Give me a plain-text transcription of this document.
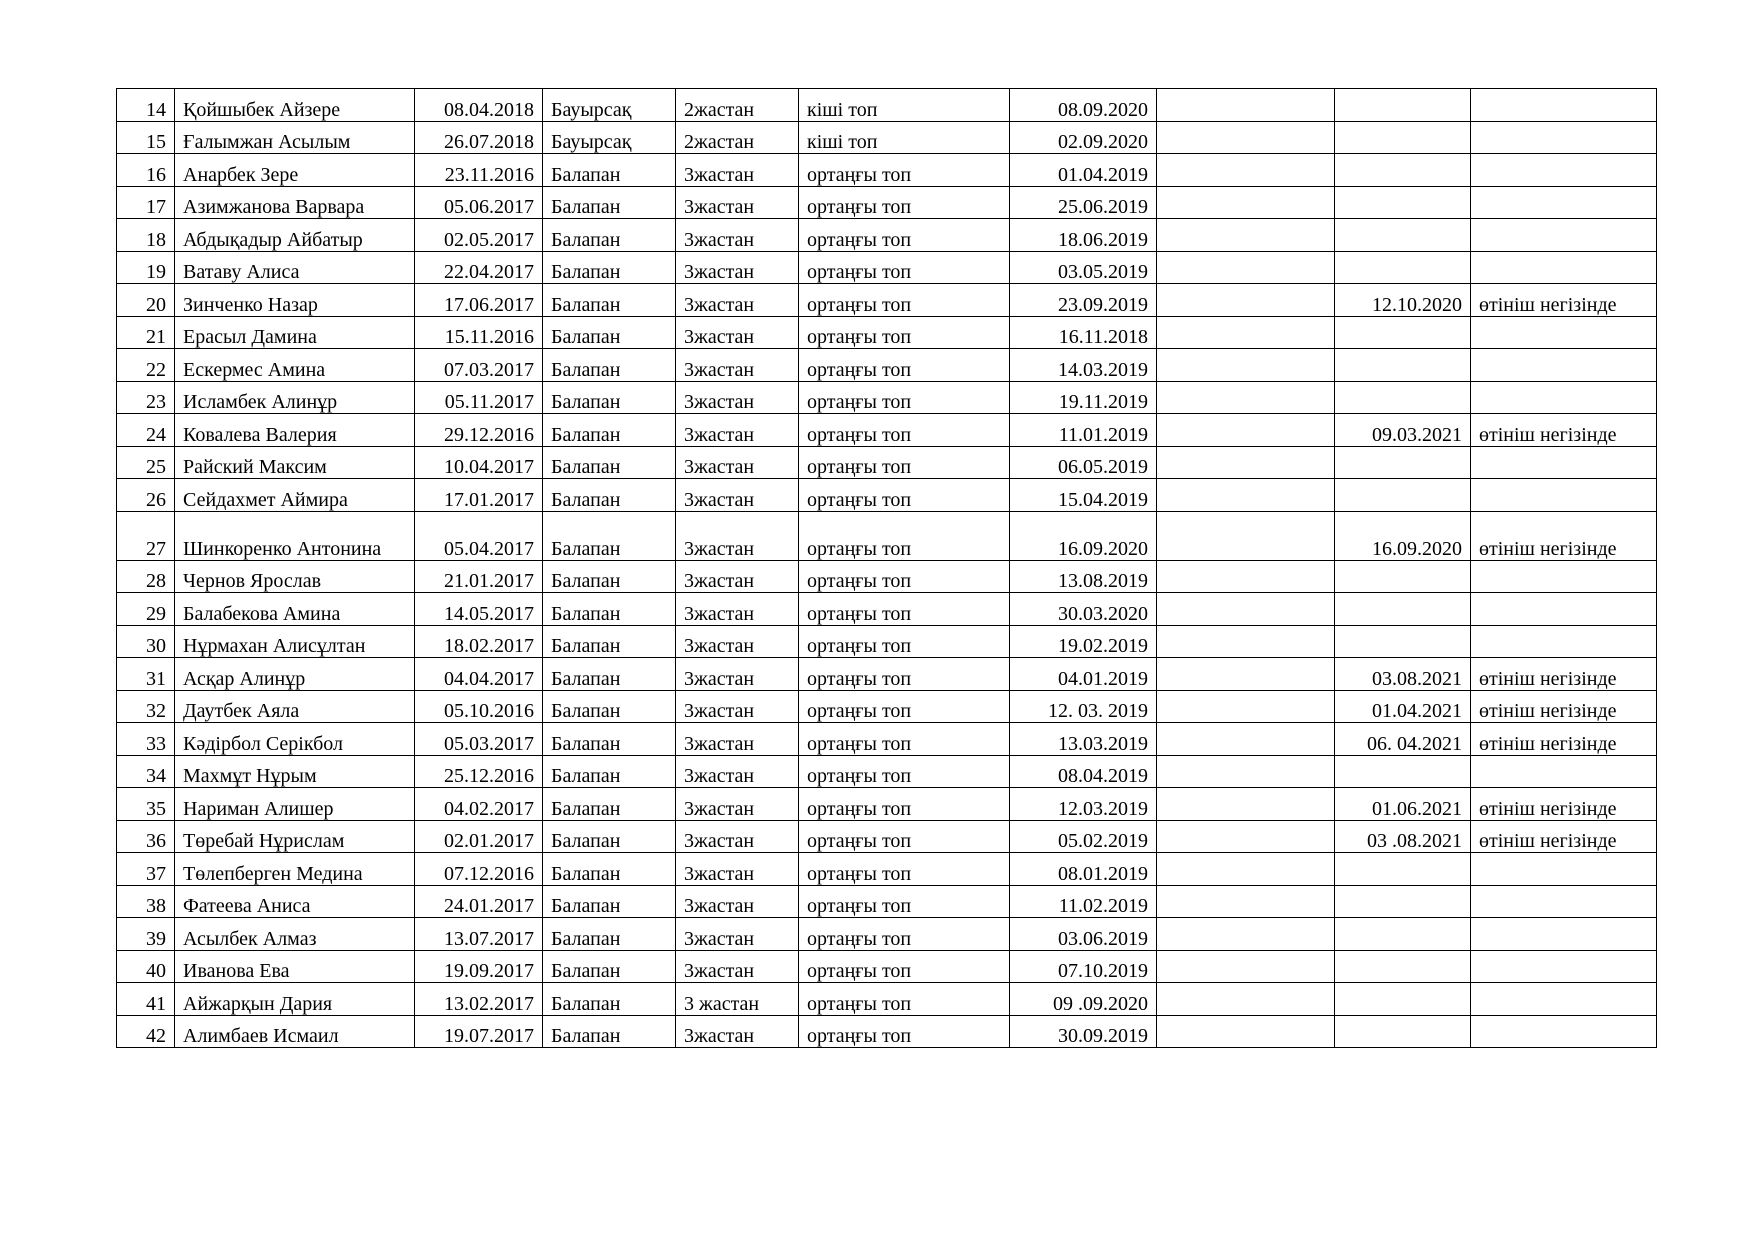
14	Қойшыбек Айзере	08.04.2018	Бауырсақ	2жастан	кіші топ	08.09.2020			
15	Ғалымжан Асылым	26.07.2018	Бауырсақ	2жастан	кіші топ	02.09.2020			
16	Анарбек Зере	23.11.2016	Балапан	3жастан	ортаңғы топ	01.04.2019			
17	Азимжанова Варвара	05.06.2017	Балапан	3жастан	ортаңғы топ	25.06.2019			
18	Абдықадыр Айбатыр	02.05.2017	Балапан	3жастан	ортаңғы топ	18.06.2019			
19	Ватаву Алиса	22.04.2017	Балапан	3жастан	ортаңғы топ	03.05.2019			
20	Зинченко Назар	17.06.2017	Балапан	3жастан	ортаңғы топ	23.09.2019		12.10.2020	өтініш негізінде
21	Ерасыл Дамина	15.11.2016	Балапан	3жастан	ортаңғы топ	16.11.2018			
22	Ескермес Амина	07.03.2017	Балапан	3жастан	ортаңғы топ	14.03.2019			
23	Исламбек Алинұр	05.11.2017	Балапан	3жастан	ортаңғы топ	19.11.2019			
24	Ковалева Валерия	29.12.2016	Балапан	3жастан	ортаңғы топ	11.01.2019		09.03.2021	өтініш негізінде
25	Райский Максим	10.04.2017	Балапан	3жастан	ортаңғы топ	06.05.2019			
26	Сейдахмет Аймира	17.01.2017	Балапан	3жастан	ортаңғы топ	15.04.2019			
27	Шинкоренко Антонина	05.04.2017	Балапан	3жастан	ортаңғы топ	16.09.2020		16.09.2020	өтініш негізінде
28	Чернов Ярослав	21.01.2017	Балапан	3жастан	ортаңғы топ	13.08.2019			
29	Балабекова Амина	14.05.2017	Балапан	3жастан	ортаңғы топ	30.03.2020			
30	Нұрмахан Алисұлтан	18.02.2017	Балапан	3жастан	ортаңғы топ	19.02.2019			
31	Асқар Алинұр	04.04.2017	Балапан	3жастан	ортаңғы топ	04.01.2019		03.08.2021	өтініш негізінде
32	Даутбек Аяла	05.10.2016	Балапан	3жастан	ортаңғы топ	12. 03. 2019		01.04.2021	өтініш негізінде
33	Кәдірбол Серікбол	05.03.2017	Балапан	3жастан	ортаңғы топ	13.03.2019		06. 04.2021	өтініш негізінде
34	Махмұт Нұрым	25.12.2016	Балапан	3жастан	ортаңғы топ	08.04.2019			
35	Нариман Алишер	04.02.2017	Балапан	3жастан	ортаңғы топ	12.03.2019		01.06.2021	өтініш негізінде
36	Төребай Нұрислам	02.01.2017	Балапан	3жастан	ортаңғы топ	05.02.2019		03 .08.2021	өтініш негізінде
37	Төлепберген Медина	07.12.2016	Балапан	3жастан	ортаңғы топ	08.01.2019			
38	Фатеева Аниса	24.01.2017	Балапан	3жастан	ортаңғы топ	11.02.2019			
39	Асылбек Алмаз	13.07.2017	Балапан	3жастан	ортаңғы топ	03.06.2019			
40	Иванова Ева	19.09.2017	Балапан	3жастан	ортаңғы топ	07.10.2019			
41	Айжарқын Дария	13.02.2017	Балапан	3 жастан	ортаңғы топ	09 .09.2020			
42	Алимбаев Исмаил	19.07.2017	Балапан	3жастан	ортаңғы топ	30.09.2019			
